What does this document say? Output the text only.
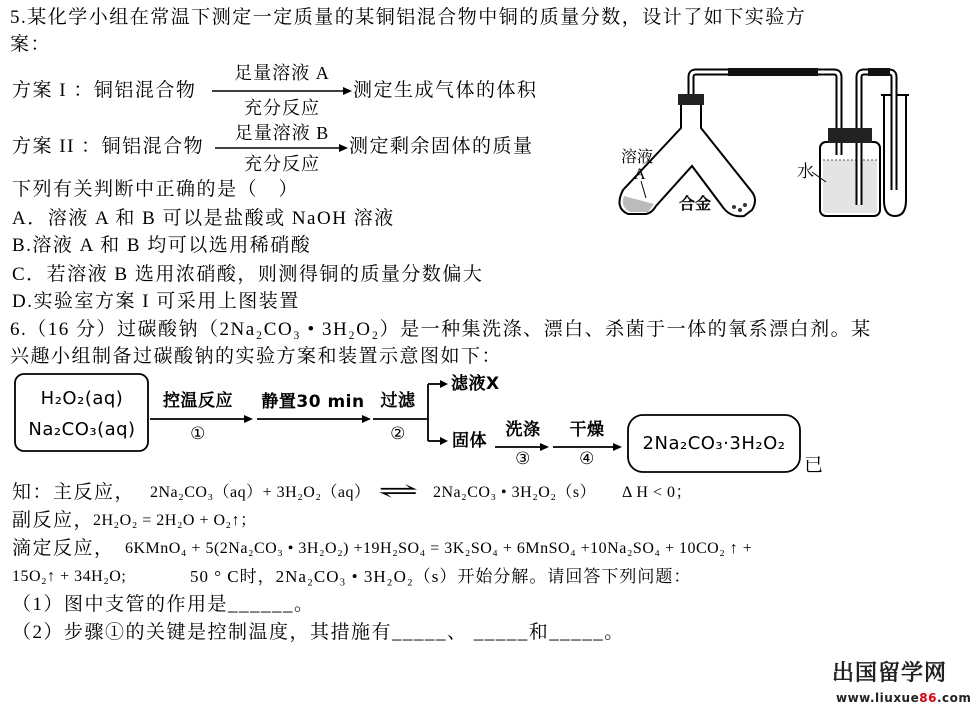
5.某化学小组在常温下测定一定质量的某铜铝混合物中铜的质量分数，设计了如下实验方
案：
方案 I ：铜铝混合物
足量溶液 A
充分反应
测定生成气体的体积
方案 II ：铜铝混合物
足量溶液 B
充分反应
测定剩余固体的质量
下列有关判断中正确的是（　）
A．溶液 A 和 B 可以是盐酸或 NaOH 溶液
B.溶液 A 和 B 均可以选用稀硝酸
C．若溶液 B 选用浓硝酸，则测得铜的质量分数偏大
D.实验室方案 I 可采用上图装置
溶液
A
合金
水
6.（16 分）过碳酸钠（2Na₂CO₃ • 3H₂O₂）是一种集洗涤、漂白、杀菌于一体的氧系漂白剂。某
兴趣小组制备过碳酸钠的实验方案和装置示意图如下：
H₂O₂(aq)
Na₂CO₃(aq)
控温反应
①
静置30 min 过滤
②
滤液X
固体
洗涤
③
干燥
④
2Na₂CO₃·3H₂O₂
已
知：主反应， 2Na₂CO₃（aq）+ 3H₂O₂（aq） ⇌ 2Na₂CO₃ • 3H₂O₂（s） Δ H < 0；
副反应，
2H₂O₂ = 2H₂O + O₂↑；
滴定反应， 6KMnO₄ + 5(2Na₂CO₃ • 3H₂O₂) +19H₂SO₄ = 3K₂SO₄ + 6MnSO₄ +10Na₂SO₄ + 10CO₂ ↑ +
15O₂↑ + 34H₂O;	50 ° C时，2Na₂CO₃ • 3H₂O₂（s）开始分解。请回答下列问题：
（1）图中支管的作用是______。
（2）步骤①的关键是控制温度，其措施有_____、 _____和_____。
出国留学网
www.liuxue86.com
